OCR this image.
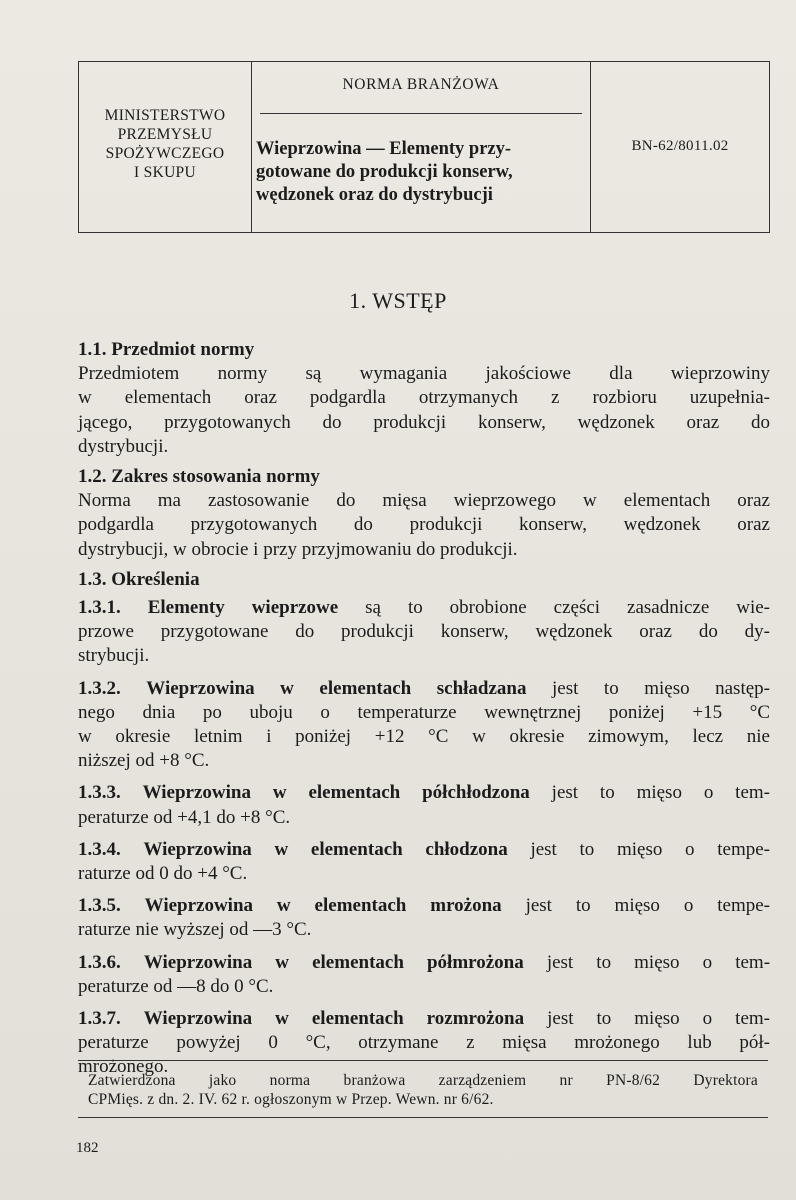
MINISTERSTWO
PRZEMYSŁU
SPOŻYWCZEGO
I SKUPU
NORMA BRANŻOWA
Wieprzowina — Elementy przy-
gotowane do produkcji konserw,
wędzonek oraz do dystrybucji
BN-62/8011.02
1. WSTĘP
1.1. Przedmiot normy

Przedmiotem normy są wymagania jakościowe dla wieprzowiny
w elementach oraz podgardla otrzymanych z rozbioru uzupełnia-
jącego, przygotowanych do produkcji konserw, wędzonek oraz do
dystrybucji.

1.2. Zakres stosowania normy

Norma ma zastosowanie do mięsa wieprzowego w elementach oraz
podgardla przygotowanych do produkcji konserw, wędzonek oraz
dystrybucji, w obrocie i przy przyjmowaniu do produkcji.

1.3. Określenia

1.3.1. Elementy wieprzowe są to obrobione części zasadnicze wie-
przowe przygotowane do produkcji konserw, wędzonek oraz do dy-
strybucji.

1.3.2. Wieprzowina w elementach schładzana jest to mięso następ-
nego dnia po uboju o temperaturze wewnętrznej poniżej +15 °C
w okresie letnim i poniżej +12 °C w okresie zimowym, lecz nie
niższej od +8 °C.

1.3.3. Wieprzowina w elementach półchłodzona jest to mięso o tem-
peraturze od +4,1 do +8 °C.

1.3.4. Wieprzowina w elementach chłodzona jest to mięso o tempe-
raturze od 0 do +4 °C.

1.3.5. Wieprzowina w elementach mrożona jest to mięso o tempe-
raturze nie wyższej od —3 °C.

1.3.6. Wieprzowina w elementach półmrożona jest to mięso o tem-
peraturze od —8 do 0 °C.

1.3.7. Wieprzowina w elementach rozmrożona jest to mięso o tem-
peraturze powyżej 0 °C, otrzymane z mięsa mrożonego lub pół-
mrożonego.

Zatwierdzona jako norma branżowa zarządzeniem nr PN-8/62 Dyrektora
CPMięs. z dn. 2. IV. 62 r. ogłoszonym w Przep. Wewn. nr 6/62.
182
